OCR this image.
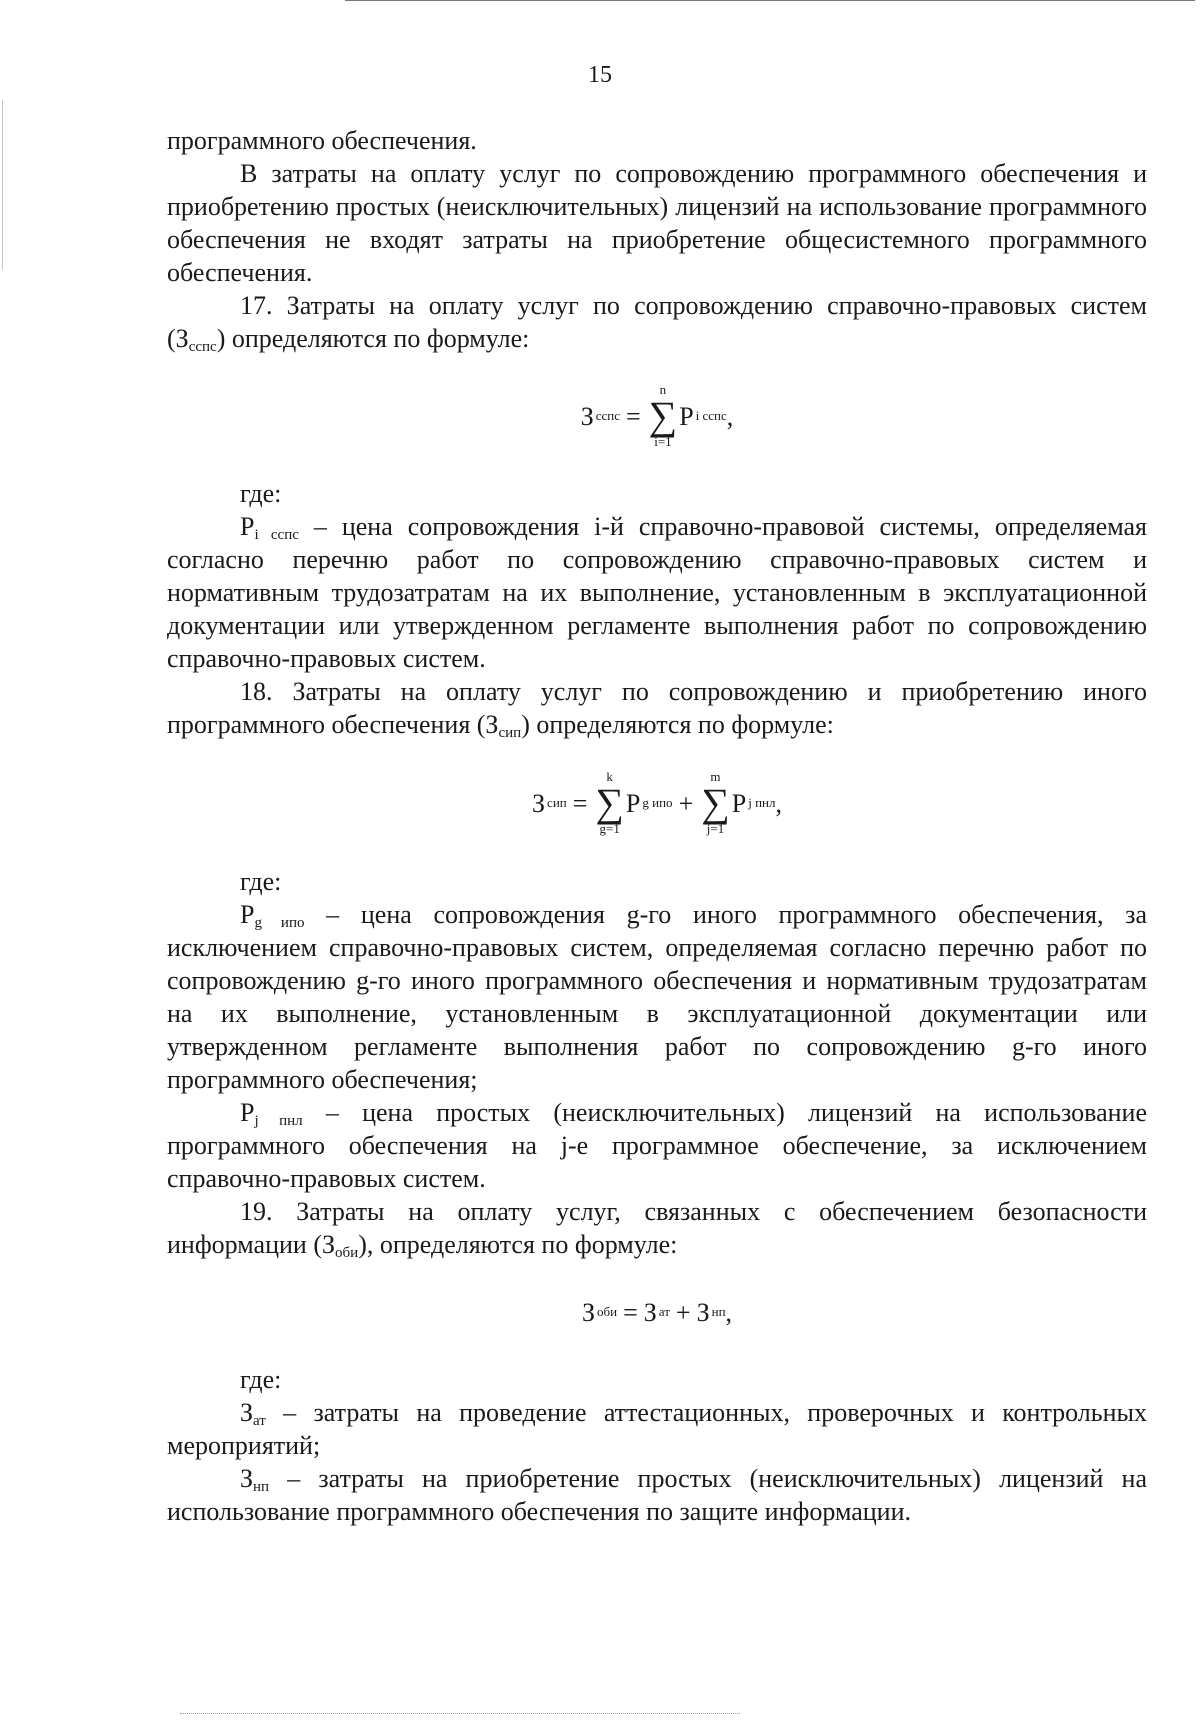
15

программного обеспечения.

В затраты на оплату услуг по сопровождению программного обеспечения и приобретению простых (неисключительных) лицензий на использование программного обеспечения не входят затраты на приобретение общесистемного программного обеспечения.

17. Затраты на оплату услуг по сопровождению справочно-правовых систем $(З_{сспс})$ определяются по формуле:

З сспс =
n
∑
i=1
P i сспс ,

где:

$P_{i сспс}$ – цена сопровождения i-й справочно-правовой системы, определяемая согласно перечню работ по сопровождению справочно-правовых систем и нормативным трудозатратам на их выполнение, установленным в эксплуатационной документации или утвержденном регламенте выполнения работ по сопровождению справочно-правовых систем.

18. Затраты на оплату услуг по сопровождению и приобретению иного программного обеспечения $(З_{сип})$ определяются по формуле:

З сип =
k
∑
g=1
P g ипо +
m
∑
j=1
P j пнл ,

где:

$P_{g ипо}$ – цена сопровождения g-го иного программного обеспечения, за исключением справочно-правовых систем, определяемая согласно перечню работ по сопровождению g-го иного программного обеспечения и нормативным трудозатратам на их выполнение, установленным в эксплуатационной документации или утвержденном регламенте выполнения работ по сопровождению g-го иного программного обеспечения;

$P_{j пнл}$ – цена простых (неисключительных) лицензий на использование программного обеспечения на j-е программное обеспечение, за исключением справочно-правовых систем.

19. Затраты на оплату услуг, связанных с обеспечением безопасности информации $(З_{оби})$, определяются по формуле:

З оби = З ат + З нп ,

где:

$З_{ат}$ – затраты на проведение аттестационных, проверочных и контрольных мероприятий;

$З_{нп}$ – затраты на приобретение простых (неисключительных) лицензий на использование программного обеспечения по защите информации.
